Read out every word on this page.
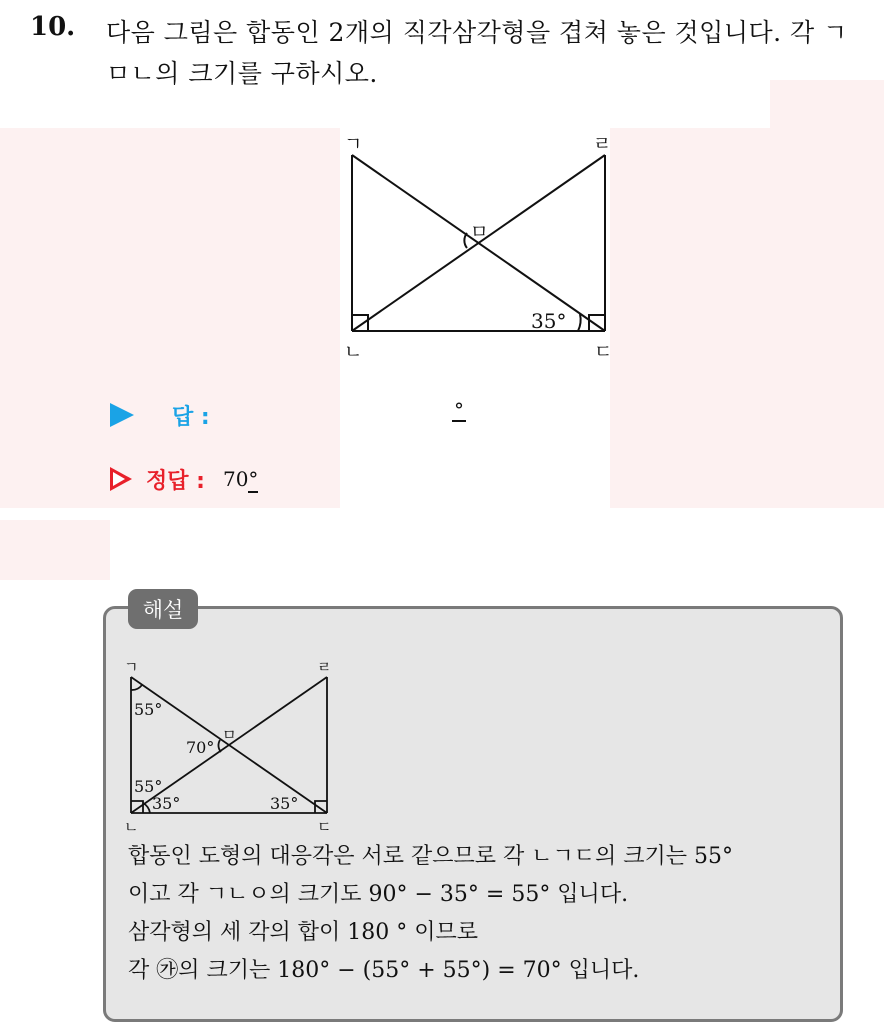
10. 다음 그림은 합동인 2개의 직각삼각형을 겹쳐 놓은 것입니다. 각 ㄱㅁㄴ의 크기를 구하시오.
ㄱ	ㄹ
ㅁ
ㄴ	ㄷ
35°
답 :	°
정답 : 70°
해설
ㄱ	ㄹ
ㅁ
ㄴ	ㄷ
55°
70°
55°
35°	35°

합동인 도형의 대응각은 서로 같으므로 각 ㄴㄱㄷ의 크기는 55°

이고 각 ㄱㄴㅇ의 크기도 90° − 35° = 55° 입니다.

삼각형의 세 각의 합이 180 ° 이므로

각 ㉮의 크기는 180° − (55° + 55°) = 70° 입니다.
